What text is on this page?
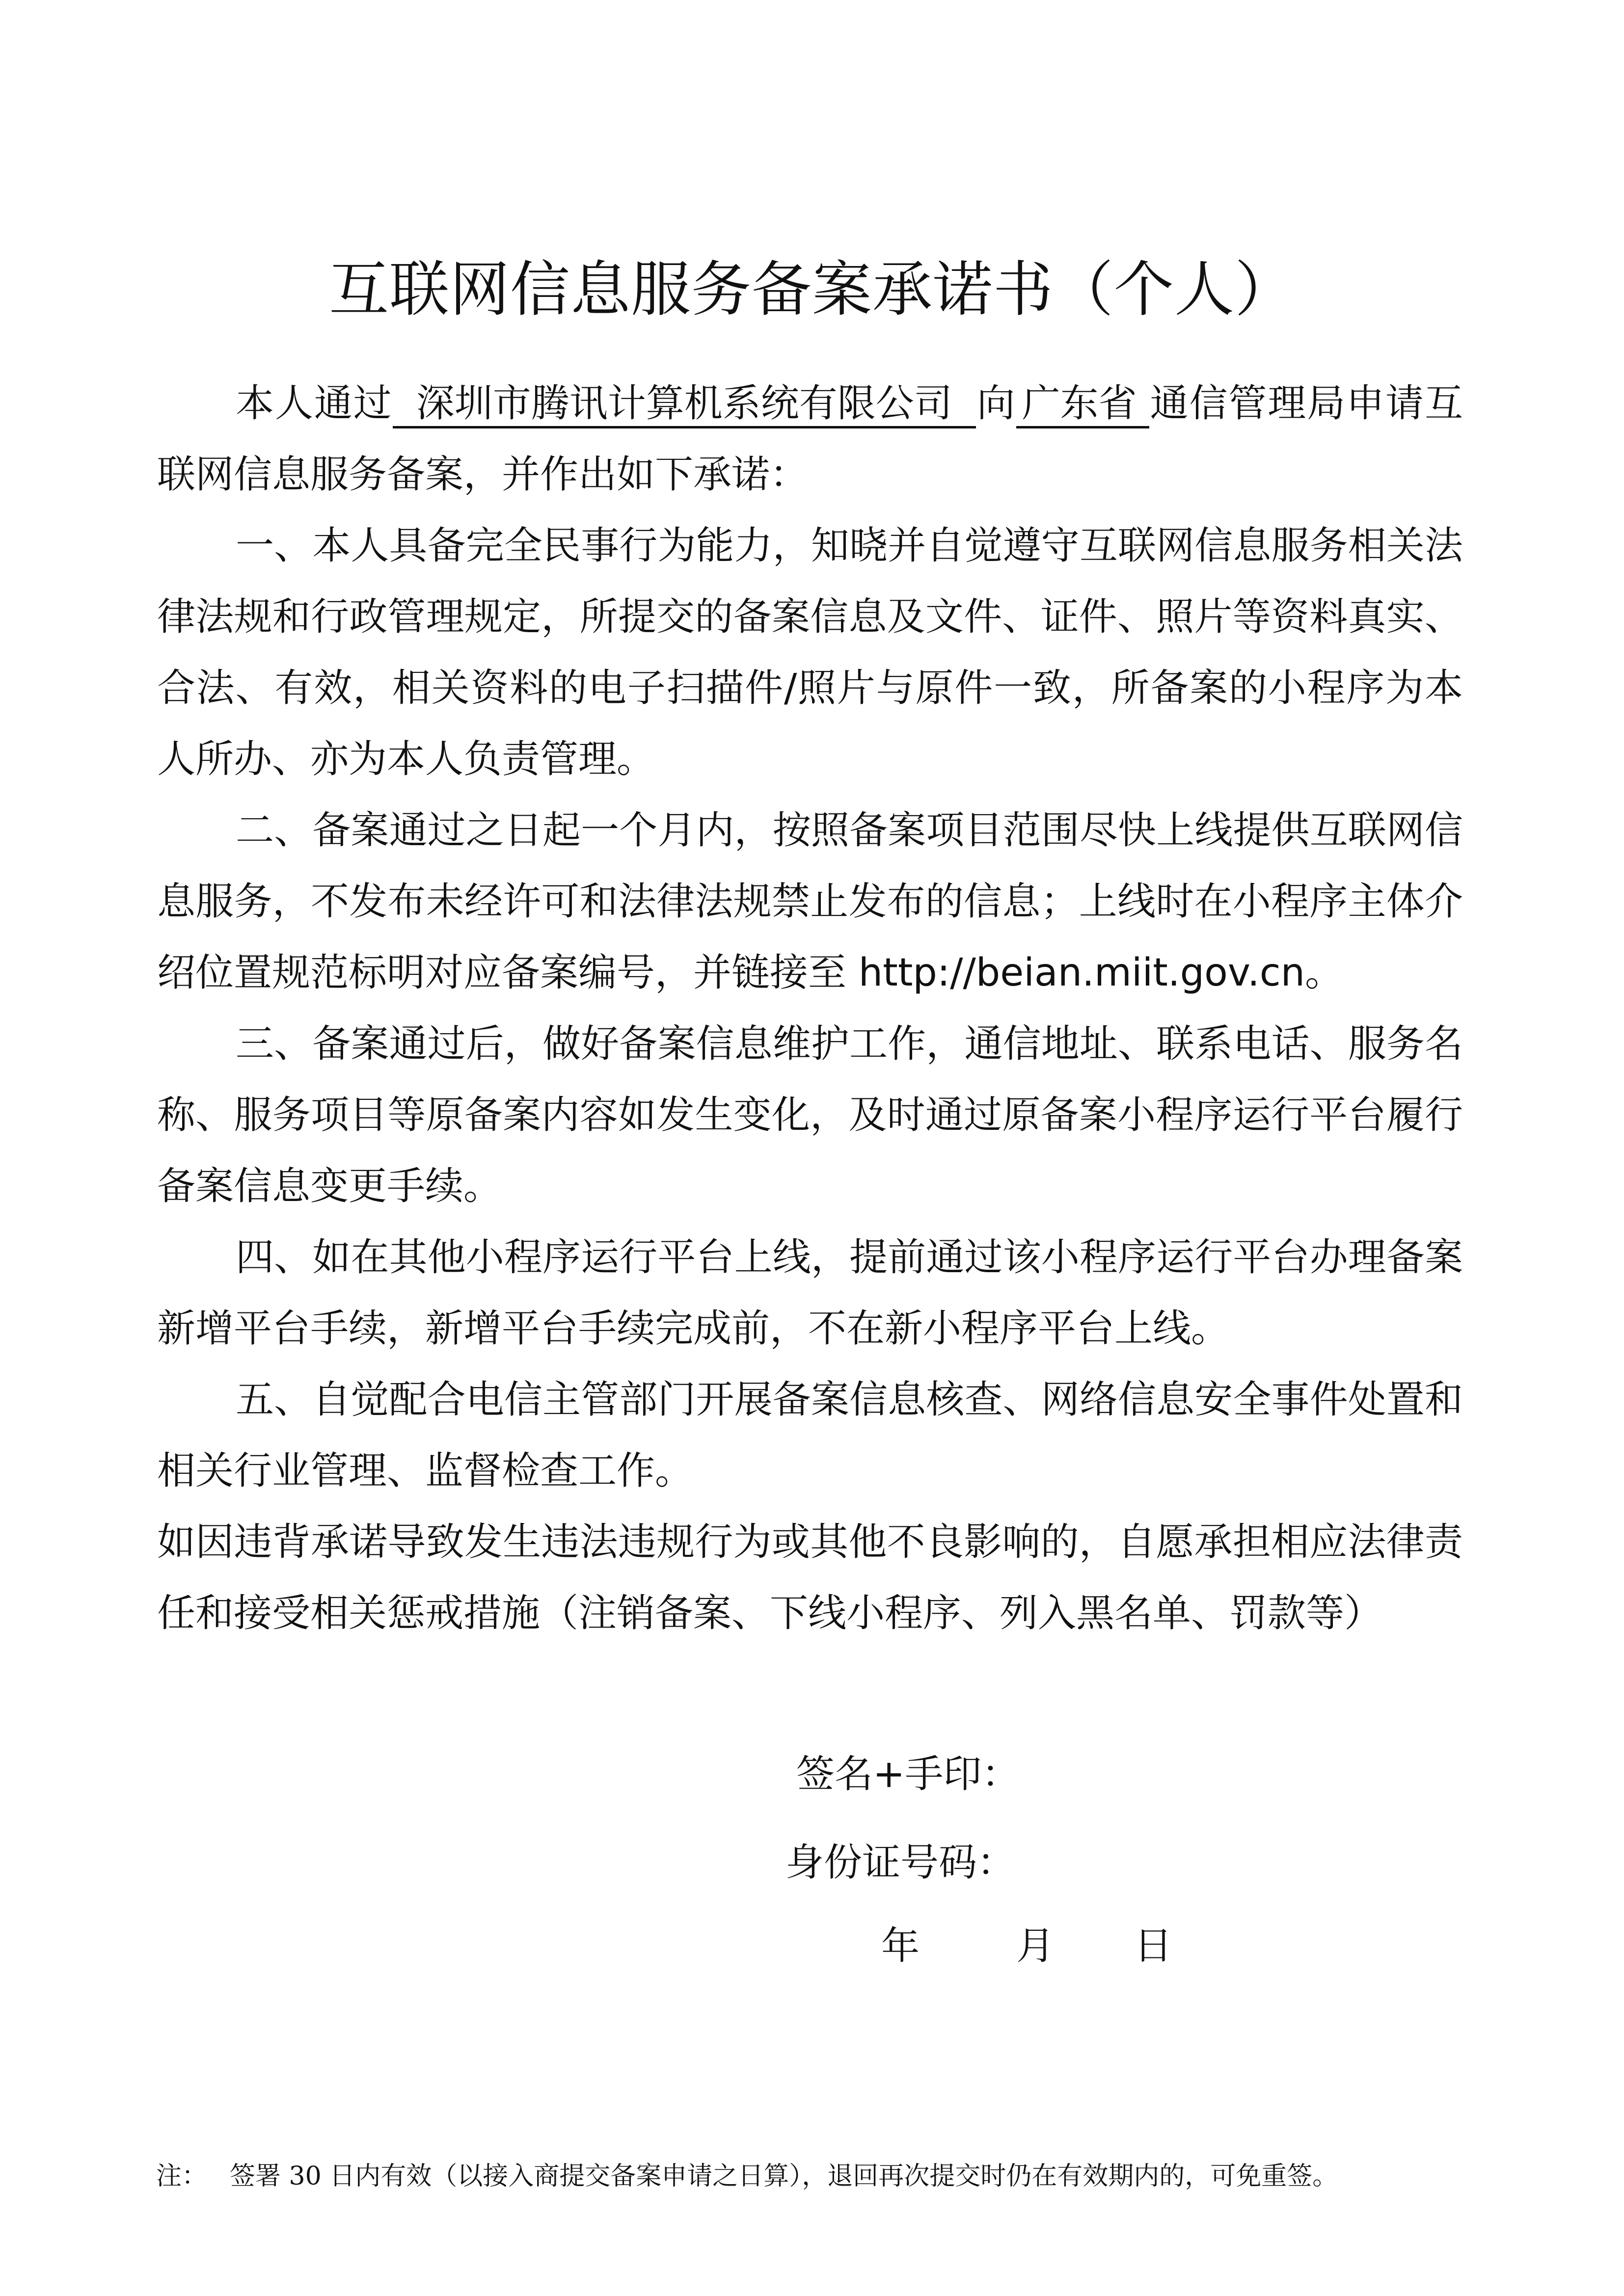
互联网信息服务备案承诺书（个人）

本人通过 深圳市腾讯计算机系统有限公司 向 广东省 通信管理局申请互联网信息服务备案，并作出如下承诺：

一、本人具备完全民事行为能力，知晓并自觉遵守互联网信息服务相关法律法规和行政管理规定，所提交的备案信息及文件、证件、照片等资料真实、合法、有效，相关资料的电子扫描件/照片与原件一致，所备案的小程序为本人所办、亦为本人负责管理。

二、备案通过之日起一个月内，按照备案项目范围尽快上线提供互联网信息服务，不发布未经许可和法律法规禁止发布的信息；上线时在小程序主体介绍位置规范标明对应备案编号，并链接至 http://beian.miit.gov.cn。

三、备案通过后，做好备案信息维护工作，通信地址、联系电话、服务名称、服务项目等原备案内容如发生变化，及时通过原备案小程序运行平台履行备案信息变更手续。

四、如在其他小程序运行平台上线，提前通过该小程序运行平台办理备案新增平台手续，新增平台手续完成前，不在新小程序平台上线。

五、自觉配合电信主管部门开展备案信息核查、网络信息安全事件处置和相关行业管理、监督检查工作。

如因违背承诺导致发生违法违规行为或其他不良影响的，自愿承担相应法律责任和接受相关惩戒措施（注销备案、下线小程序、列入黑名单、罚款等）

签名+手印：
身份证号码：
年	月 日
注： 签署 30 日内有效（以接入商提交备案申请之日算），退回再次提交时仍在有效期内的，可免重签。
